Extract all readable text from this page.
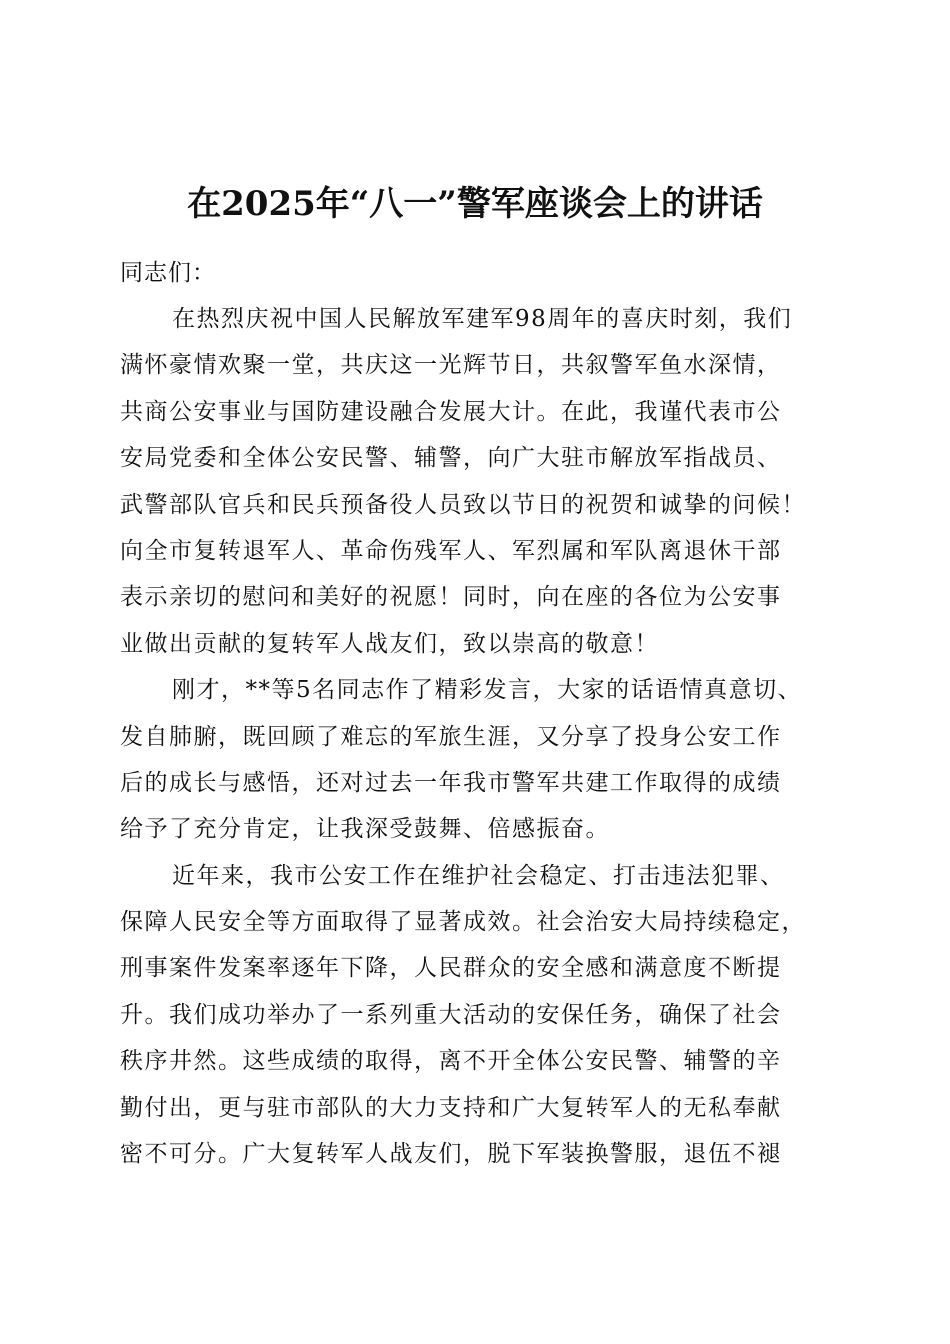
在2025年“八一”警军座谈会上的讲话

同志们：

在热烈庆祝中国人民解放军建军98周年的喜庆时刻，我们
满怀豪情欢聚一堂，共庆这一光辉节日，共叙警军鱼水深情，
共商公安事业与国防建设融合发展大计。在此，我谨代表市公
安局党委和全体公安民警、辅警，向广大驻市解放军指战员、
武警部队官兵和民兵预备役人员致以节日的祝贺和诚挚的问候！
向全市复转退军人、革命伤残军人、军烈属和军队离退休干部
表示亲切的慰问和美好的祝愿！同时，向在座的各位为公安事
业做出贡献的复转军人战友们，致以崇高的敬意！
刚才，**等5名同志作了精彩发言，大家的话语情真意切、
发自肺腑，既回顾了难忘的军旅生涯，又分享了投身公安工作
后的成长与感悟，还对过去一年我市警军共建工作取得的成绩
给予了充分肯定，让我深受鼓舞、倍感振奋。
近年来，我市公安工作在维护社会稳定、打击违法犯罪、
保障人民安全等方面取得了显著成效。社会治安大局持续稳定，
刑事案件发案率逐年下降，人民群众的安全感和满意度不断提
升。我们成功举办了一系列重大活动的安保任务，确保了社会
秩序井然。这些成绩的取得，离不开全体公安民警、辅警的辛
勤付出，更与驻市部队的大力支持和广大复转军人的无私奉献
密不可分。广大复转军人战友们，脱下军装换警服，退伍不褪
